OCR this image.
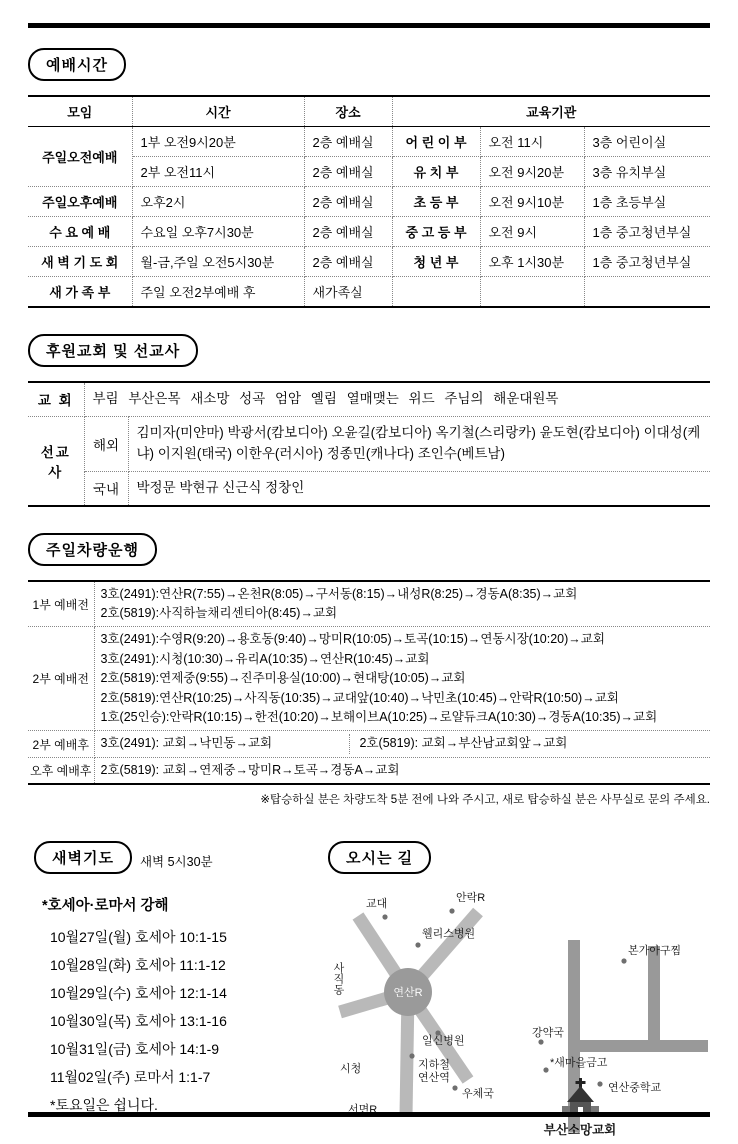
예배시간
모임	시간	장소	교육기관		
주일오전예배	1부 오전9시20분	2층 예배실	어 린 이 부	오전 11시	3층 어린이실
	2부 오전11시	2층 예배실	유 치 부	오전 9시20분	3층 유치부실
주일오후예배	오후2시	2층 예배실	초 등 부	오전 9시10분	1층 초등부실
수 요 예 배	수요일 오후7시30분	2층 예배실	중 고 등 부	오전 9시	1층 중고청년부실
새 벽 기 도 회	월-금,주일 오전5시30분	2층 예배실	청 년 부	오후 1시30분	1층 중고청년부실
새 가 족 부	주일 오전2부예배 후	새가족실			
후원교회 및 선교사
교 회	부림 부산은목 새소망 성곡 엄암 옐림 열매맺는 위드 주님의 해운대원목	
선교사	해외	김미자(미얀마) 박광서(캄보디아) 오윤길(캄보디아) 옥기철(스리랑카) 윤도현(캄보디아) 이대성(케냐) 이지원(태국) 이한우(러시아) 정종민(캐나다) 조인수(베트남)
	국내	박정문 박현규 신근식 정창인
주일차량운행
1부 예배전	3호(2491):연산R(7:55)→온천R(8:05)→구서동(8:15)→내성R(8:25)→경동A(8:35)→교회
2호(5819):사직하늘채리센티아(8:45)→교회

2부 예배전	3호(2491):수영R(9:20)→용호동(9:40)→망미R(10:05)→토곡(10:15)→연동시장(10:20)→교회
3호(2491):시청(10:30)→유리A(10:35)→연산R(10:45)→교회
2호(5819):연제중(9:55)→진주미용실(10:00)→현대탕(10:05)→교회
2호(5819):연산R(10:25)→사직동(10:35)→교대앞(10:40)→낙민초(10:45)→안락R(10:50)→교회
1호(25인승):안락R(10:15)→한전(10:20)→보해이브A(10:25)→로얄듀크A(10:30)→경동A(10:35)→교회

2부 예배후	3호(2491): 교회→낙민동→교회 2호(5819): 교회→부산남교회앞→교회

오후 예배후	2호(5819): 교회→연제중→망미R→토곡→경동A→교회
※탑승하실 분은 차량도착 5분 전에 나와 주시고, 새로 탑승하실 분은 사무실로 문의 주세요.
새벽기도	새벽 5시30분
*호세아·로마서 강해
10월27일(월) 호세아 10:1-15
10월28일(화) 호세아 11:1-12
10월29일(수) 호세아 12:1-14
10월30일(목) 호세아 13:1-16
10월31일(금) 호세아 14:1-9
11월02일(주) 로마서 1:1-7
*토요일은 쉽니다.
오시는 길
연산R
교대	안락R
웰리스병원
본가아구찜
사직동
일신병원
강약국
*새마을금고
시청	지하철
연산역
우체국	연산중학교
서면R
부산소망교회
